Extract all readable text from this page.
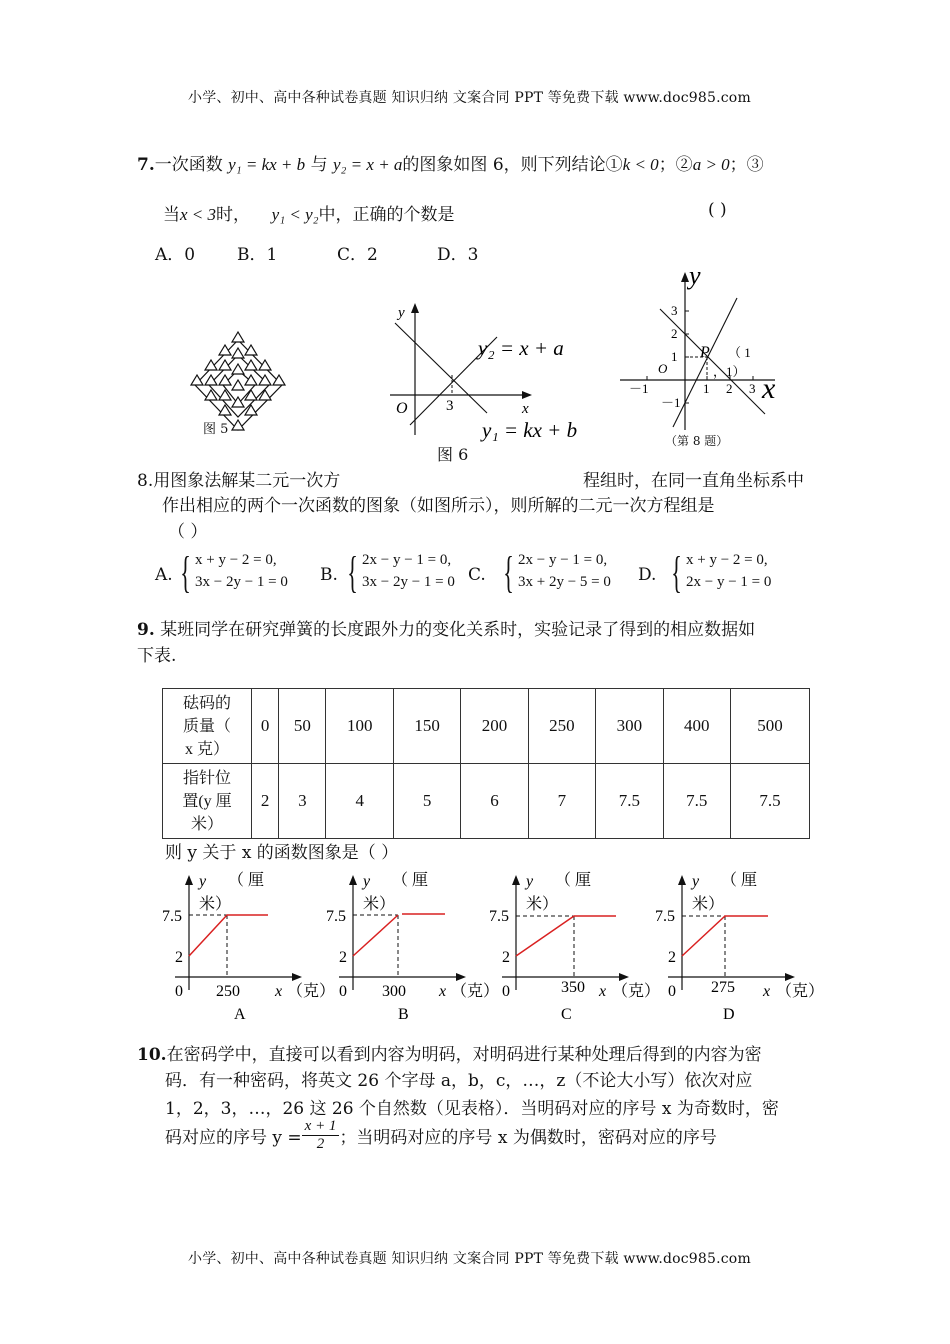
小学、初中、高中各种试卷真题 知识归纳 文案合同 PPT 等免费下载 www.doc985.com
7.一次函数 y₁ = kx + b 与 y₂ = x + a的图象如图 6，则下列结论①k < 0；②a > 0；③
当x < 3时， y₁ < y₂中，正确的个数是	( )
A．0 B．1	C．2	D．3
图 5
y
x
O	3
y₂ = x + a
y₁ = kx + b
图 6
y
x
O
P （ 1
，1）
－1	1 2 3
3
2
1
－1
（第 8 题）
8.用图象法解某二元一次方	程组时，在同一直角坐标系中
作出相应的两个一次函数的图象（如图所示），则所解的二元一次方程组是
（ ）
A. { x + y − 2 = 0,
3x − 2y − 1 = 0 B. { 2x − y − 1 = 0,
3x − 2y − 1 = 0 C. { 2x − y − 1 = 0,
3x + 2y − 5 = 0 D. { x + y − 2 = 0,
2x − y − 1 = 0
9. 某班同学在研究弹簧的长度跟外力的变化关系时，实验记录了得到的相应数据如
下表.
砝码的
质量（
x 克）	0	50	100	150	200	250	300	400	500

指针位
置(y 厘
米）	2	3	4	5	6	7	7.5	7.5	7.5
则 y 关于 x 的函数图象是（ ）
y （ 厘
米）
7.5
2
0 250 x （克）
A
y （ 厘
米）
7.5
2
0 300 x （克）
B
y （ 厘
米）
7.5
2
0	350 x （克）
C
y （ 厘
米）
7.5
2
0 275 x （克）
D
10.在密码学中，直接可以看到内容为明码，对明码进行某种处理后得到的内容为密
码．有一种密码，将英文 26 个字母 a，b，c，…，z（不论大小写）依次对应
1，2，3，…，26 这 26 个自然数（见表格）．当明码对应的序号 x 为奇数时，密
码对应的序号 $y = \frac{x + 1}{2}$ ；当明码对应的序号 x 为偶数时，密码对应的序号
小学、初中、高中各种试卷真题 知识归纳 文案合同 PPT 等免费下载 www.doc985.com
